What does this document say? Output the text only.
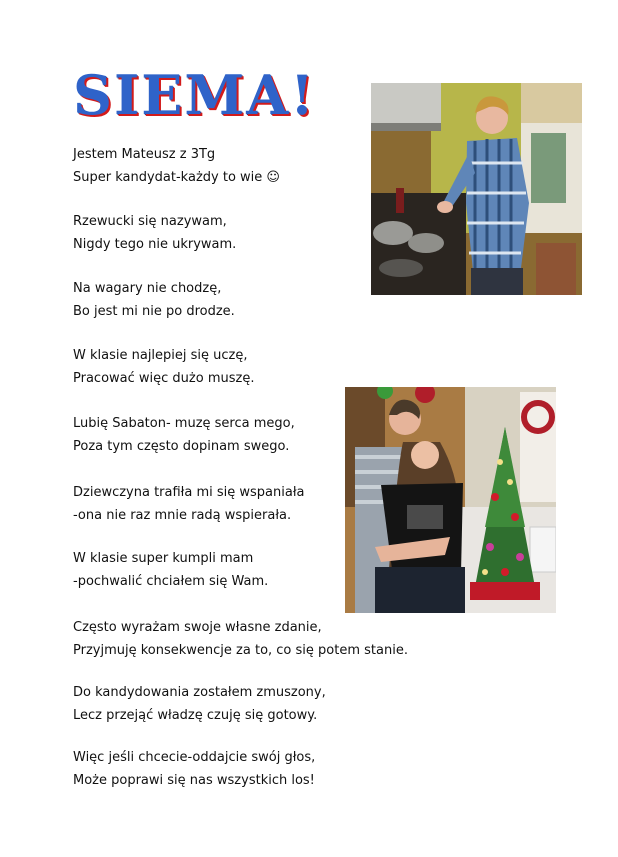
SIEMA!
Jestem Mateusz z 3Tg
Super kandydat-każdy to wie ☺
Rzewucki się nazywam,
Nigdy tego nie ukrywam.
Na wagary nie chodzę,
Bo jest mi nie po drodze.
W klasie najlepiej się uczę,
Pracować więc dużo muszę.
Lubię Sabaton- muzę serca mego,
Poza tym często dopinam swego.
Dziewczyna trafiła mi się wspaniała
-ona nie raz mnie radą wspierała.
W klasie super kumpli mam
-pochwalić chciałem się Wam.
Często wyrażam swoje własne zdanie,
Przyjmuję konsekwencje za to, co się potem stanie.
Do kandydowania zostałem zmuszony,
Lecz przejąć władzę czuję się gotowy.
Więc jeśli chcecie-oddajcie swój głos,
Może poprawi się nas wszystkich los!
